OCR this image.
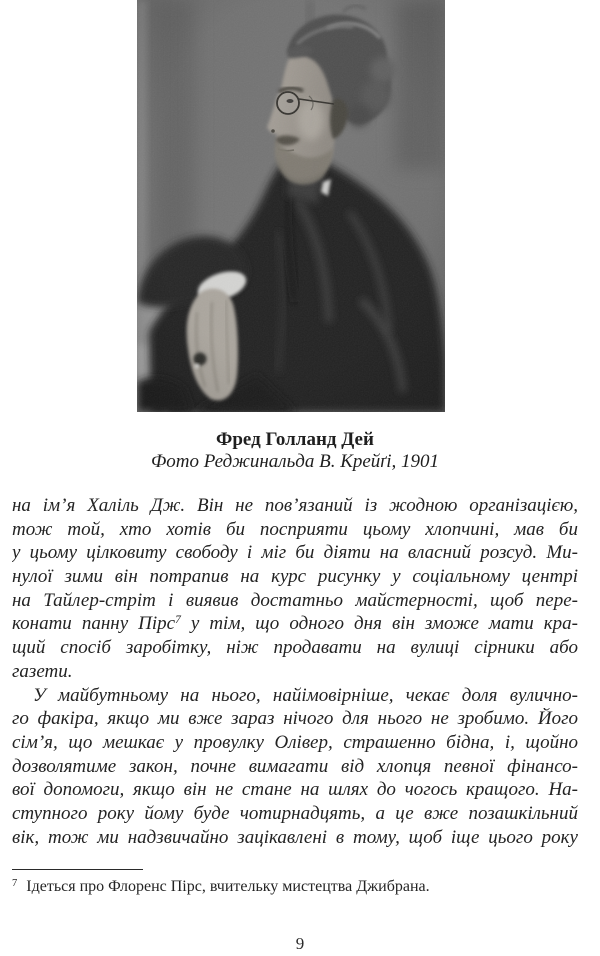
Фред Голланд Дей
Фото Реджинальда В. Крейґі, 1901
на ім’я Халіль Дж. Він не пов’язаний із жодною організацією,
тож той, хто хотів би посприяти цьому хлопчині, мав би
у цьому цілковиту свободу і міг би діяти на власний розсуд. Ми-
нулої зими він потрапив на курс рисунку у соціальному центрі
на Тайлер-стріт і виявив достатньо майстерності, щоб пере-
конати панну Пірс$^7$ у тім, що одного дня він зможе мати кра-
щий спосіб заробітку, ніж продавати на вулиці сірники або
газети.
У майбутньому на нього, найімовірніше, чекає доля вулично-
го факіра, якщо ми вже зараз нічого для нього не зробимо. Його
сім’я, що мешкає у провулку Олівер, страшенно бідна, і, щойно
дозволятиме закон, почне вимагати від хлопця певної фінансо-
вої допомоги, якщо він не стане на шлях до чогось кращого. На-
ступного року йому буде чотирнадцять, а це вже позашкільний
вік, тож ми надзвичайно зацікавлені в тому, щоб іще цього року
$^7$ Ідеться про Флоренс Пірс, вчительку мистецтва Джибрана.
9
